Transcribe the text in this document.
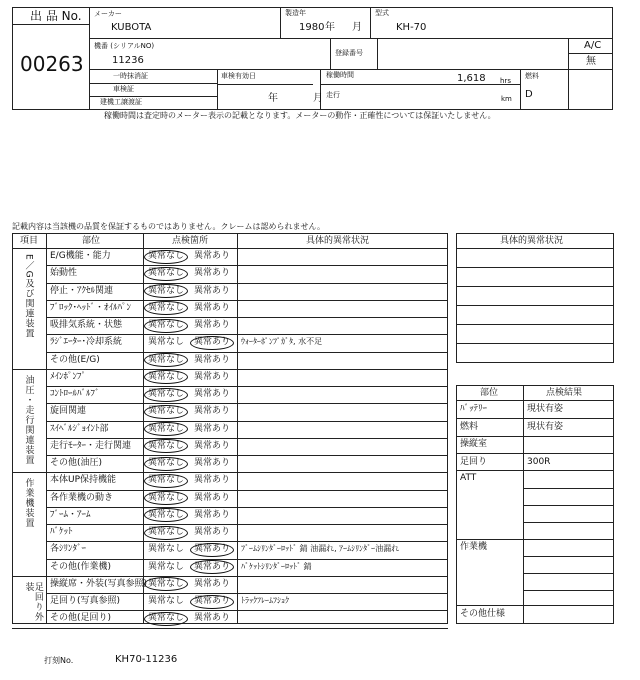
出 品 No.
00263
メーカー
KUBOTA
製造年
1980 年 月
型式
KH-70
機番 (シリアルNO)
11236
登録番号
A/C
無
一時抹消証
車検証
建機工譲渡証
車検有効日
年	月
稼働時間	1,618 hrs
走行	km
燃料
D
稼働時間は査定時のメーター表示の記載となります。メーターの動作・正確性については保証いたしません。
記載内容は当該機の品質を保証するものではありません。クレームは認められません。
項目	部位	点検箇所	具体的異常状況
E／G及び関連装置 E/G機能・能力	異常なし 異常あり
始動性	異常なし 異常あり
停止・ｱｸｾﾙ関連	異常なし 異常あり
ﾌﾞﾛｯｸ･ﾍｯﾄﾞ・ｵｲﾙﾊﾟﾝ 異常なし 異常あり
吸排気系統・状態	異常なし 異常あり
ﾗｼﾞｴｰﾀｰ･冷却系統	異常なし 異常あり ｳｫｰﾀｰﾎﾟﾝﾌﾟｶﾞﾀ, 水不足
その他(E/G)	異常なし 異常あり
油圧・走行関連装置 ﾒｲﾝﾎﾟﾝﾌﾟ	異常なし 異常あり
ｺﾝﾄﾛｰﾙﾊﾞﾙﾌﾞ	異常なし 異常あり
旋回関連	異常なし 異常あり
ｽｲﾍﾞﾙｼﾞｮｲﾝﾄ部	異常なし 異常あり
走行ﾓｰﾀｰ・走行関連 異常なし 異常あり
その他(油圧)	異常なし 異常あり
作業機装置 本体UP保持機能	異常なし 異常あり
各作業機の動き	異常なし 異常あり
ﾌﾞｰﾑ・ｱｰﾑ	異常なし 異常あり
ﾊﾞｹｯﾄ	異常なし 異常あり
各ｼﾘﾝﾀﾞｰ	異常なし 異常あり ﾌﾞｰﾑｼﾘﾝﾀﾞｰﾛｯﾄﾞ 錆 油漏れ, ｱｰﾑｼﾘﾝﾀﾞｰ油漏れ
その他(作業機)	異常なし 異常あり ﾊﾞｹｯﾄｼﾘﾝﾀﾞｰﾛｯﾄﾞ 錆
足回り外装	操縦席・外装(写真参照) 異常なし 異常あり
足回り(写真参照)	異常なし 異常あり ﾄﾗｯｸﾌﾚｰﾑﾌｼｮｸ
その他(足回り)	異常なし 異常あり
具体的異常状況
部位	点検結果
ﾊﾞｯﾃﾘｰ	現状有姿
燃料	現状有姿
操縦室
足回り	300R
ATT
作業機
その他仕様
打刻No.	KH70-11236
